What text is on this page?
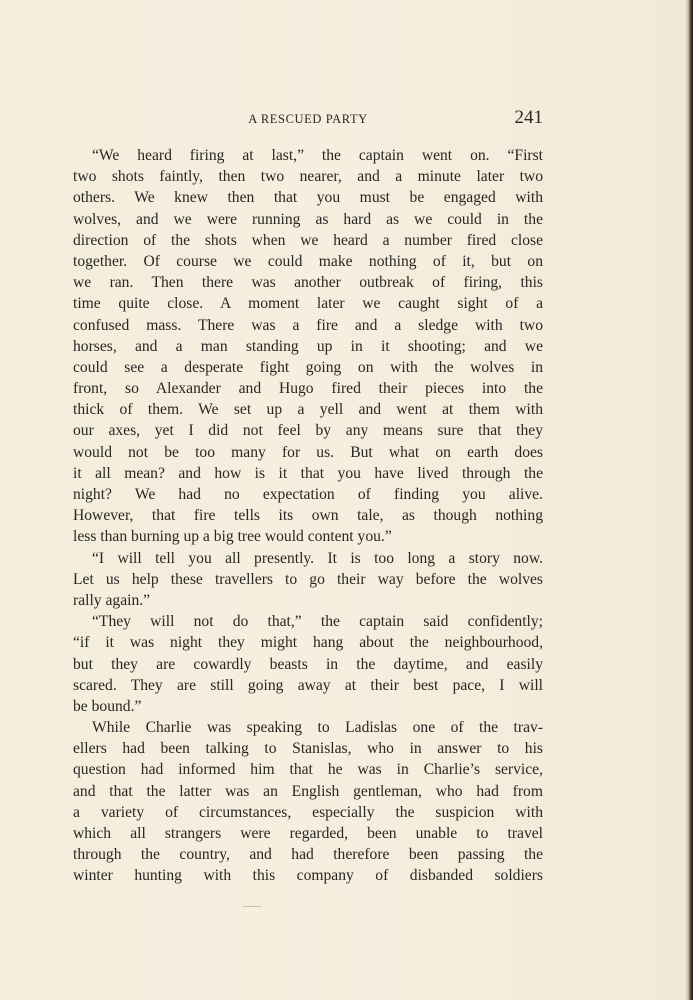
A RESCUED PARTY	241
“We heard firing at last,” the captain went on. “First
two shots faintly, then two nearer, and a minute later two
others. We knew then that you must be engaged with
wolves, and we were running as hard as we could in the
direction of the shots when we heard a number fired close
together. Of course we could make nothing of it, but on
we ran. Then there was another outbreak of firing, this
time quite close. A moment later we caught sight of a
confused mass. There was a fire and a sledge with two
horses, and a man standing up in it shooting; and we
could see a desperate fight going on with the wolves in
front, so Alexander and Hugo fired their pieces into the
thick of them. We set up a yell and went at them with
our axes, yet I did not feel by any means sure that they
would not be too many for us. But what on earth does
it all mean? and how is it that you have lived through the
night? We had no expectation of finding you alive.
However, that fire tells its own tale, as though nothing
less than burning up a big tree would content you.”
“I will tell you all presently. It is too long a story now.
Let us help these travellers to go their way before the wolves
rally again.”
“They will not do that,” the captain said confidently;
“if it was night they might hang about the neighbourhood,
but they are cowardly beasts in the daytime, and easily
scared. They are still going away at their best pace, I will
be bound.”
While Charlie was speaking to Ladislas one of the trav-
ellers had been talking to Stanislas, who in answer to his
question had informed him that he was in Charlie’s service,
and that the latter was an English gentleman, who had from
a variety of circumstances, especially the suspicion with
which all strangers were regarded, been unable to travel
through the country, and had therefore been passing the
winter hunting with this company of disbanded soldiers
